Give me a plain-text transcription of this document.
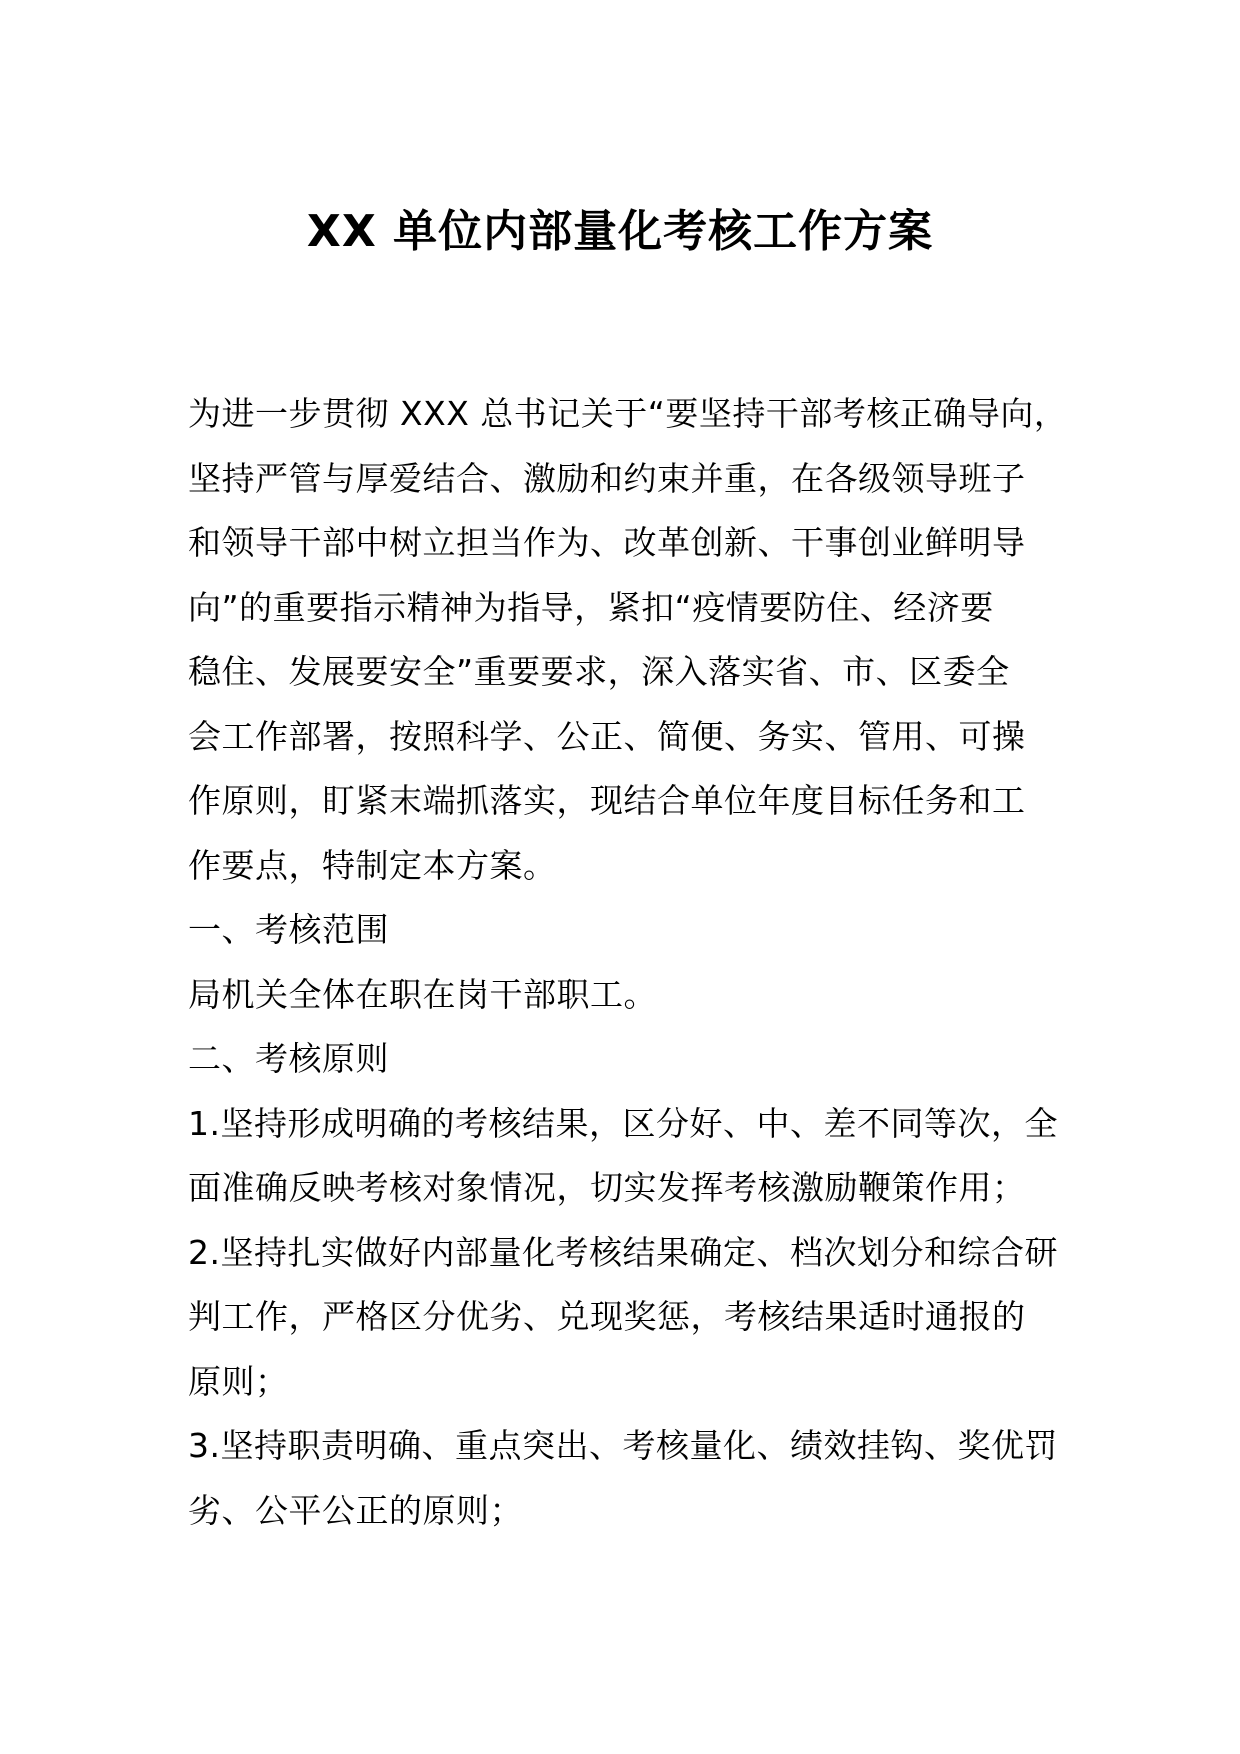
XX 单位内部量化考核工作方案

为进一步贯彻 XXX 总书记关于“要坚持干部考核正确导向，

坚持严管与厚爱结合、激励和约束并重，在各级领导班子

和领导干部中树立担当作为、改革创新、干事创业鲜明导

向”的重要指示精神为指导，紧扣“疫情要防住、经济要

稳住、发展要安全”重要要求，深入落实省、市、区委全

会工作部署，按照科学、公正、简便、务实、管用、可操

作原则，盯紧末端抓落实，现结合单位年度目标任务和工

作要点，特制定本方案。

一、考核范围

局机关全体在职在岗干部职工。

二、考核原则

1.坚持形成明确的考核结果，区分好、中、差不同等次，全

面准确反映考核对象情况，切实发挥考核激励鞭策作用；

2.坚持扎实做好内部量化考核结果确定、档次划分和综合研

判工作，严格区分优劣、兑现奖惩，考核结果适时通报的

原则；

3.坚持职责明确、重点突出、考核量化、绩效挂钩、奖优罚

劣、公平公正的原则；
